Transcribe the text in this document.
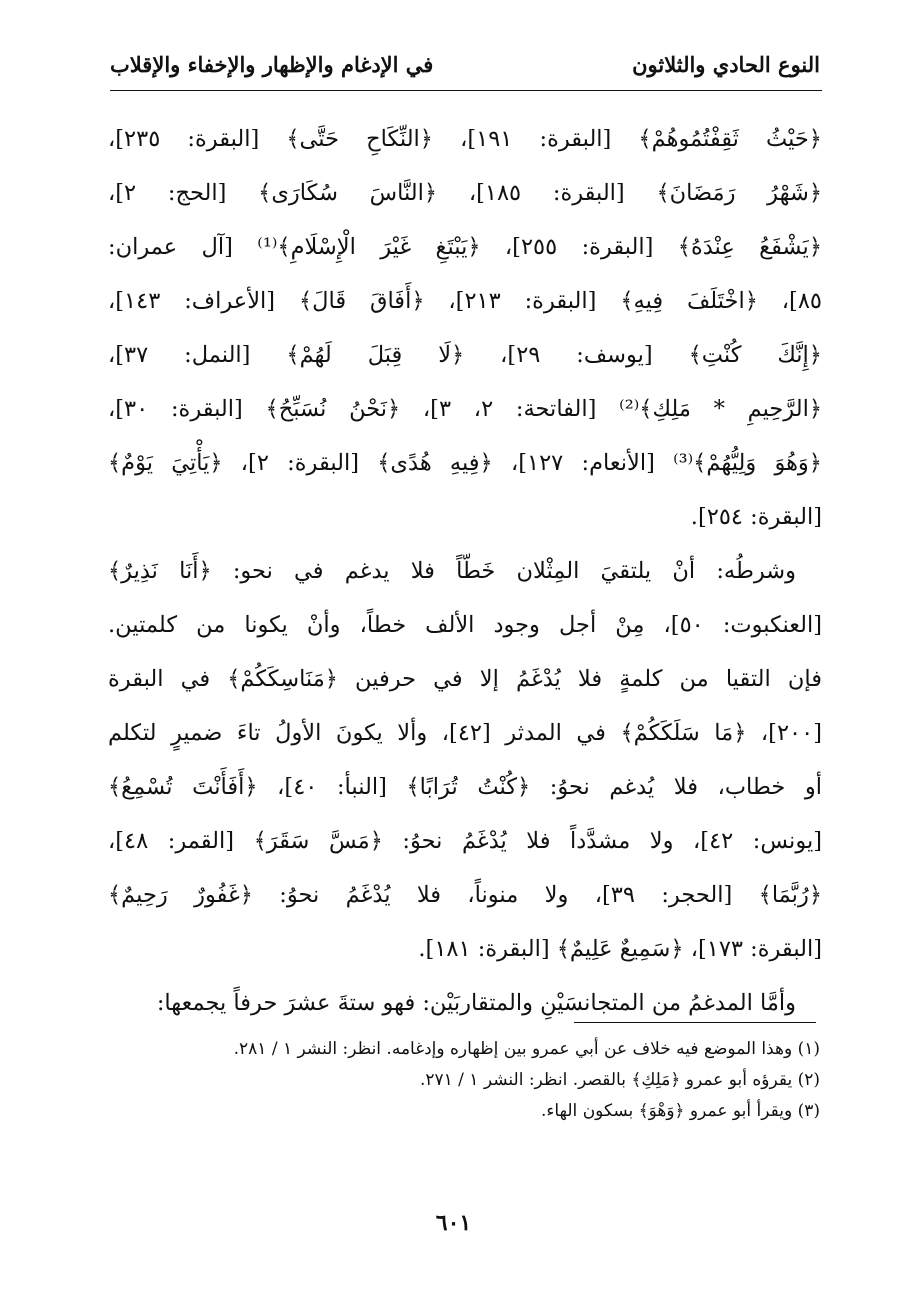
النوع الحادي والثلاثون
في الإدغام والإظهار والإخفاء والإقلاب
﴿حَيْثُ ثَقِفْتُمُوهُمْ﴾ [البقرة: ١٩١]، ﴿النِّكَاحِ حَتَّى﴾ [البقرة: ٢٣٥]،
﴿شَهْرُ رَمَضَانَ﴾ [البقرة: ١٨٥]، ﴿النَّاسَ سُكَارَى﴾ [الحج: ٢]،
﴿يَشْفَعُ عِنْدَهُ﴾ [البقرة: ٢٥٥]، ﴿يَبْتَغِ غَيْرَ الْإِسْلَامِ﴾⁽¹⁾ [آل عمران:
٨٥]، ﴿اخْتَلَفَ فِيهِ﴾ [البقرة: ٢١٣]، ﴿أَفَاقَ قَالَ﴾ [الأعراف: ١٤٣]،
﴿إِنَّكَ كُنْتِ﴾ [يوسف: ٢٩]، ﴿لَا قِبَلَ لَهُمْ﴾ [النمل: ٣٧]،
﴿الرَّحِيمِ * مَلِكِ﴾⁽²⁾ [الفاتحة: ٢، ٣]، ﴿نَحْنُ نُسَبِّحُ﴾ [البقرة: ٣٠]،
﴿وَهُوَ وَلِيُّهُمْ﴾⁽³⁾ [الأنعام: ١٢٧]، ﴿فِيهِ هُدًى﴾ [البقرة: ٢]، ﴿يَأْتِيَ يَوْمٌ﴾
[البقرة: ٢٥٤].
وشرطُه: أنْ يلتقيَ المِثْلان خَطّاً فلا يدغم في نحو: ﴿أَنَا نَذِيرٌ﴾
[العنكبوت: ٥٠]، مِنْ أجل وجود الألف خطاً، وأنْ يكونا من كلمتين.
فإن التقيا من كلمةٍ فلا يُدْغَمُ إلا في حرفين ﴿مَنَاسِكَكُمْ﴾ في البقرة
[٢٠٠]، ﴿مَا سَلَكَكُمْ﴾ في المدثر [٤٢]، وألا يكونَ الأولُ تاءَ ضميرٍ لتكلم
أو خطاب، فلا يُدغم نحوُ: ﴿كُنْتُ تُرَابًا﴾ [النبأ: ٤٠]، ﴿أَفَأَنْتَ تُسْمِعُ﴾
[يونس: ٤٢]، ولا مشدَّداً فلا يُدْغَمُ نحوُ: ﴿مَسَّ سَقَرَ﴾ [القمر: ٤٨]،
﴿رُبَّمَا﴾ [الحجر: ٣٩]، ولا منوناً، فلا يُدْغَمُ نحوُ: ﴿غَفُورٌ رَحِيمٌ﴾
[البقرة: ١٧٣]، ﴿سَمِيعٌ عَلِيمٌ﴾ [البقرة: ١٨١].
وأمَّا المدغمُ من المتجانسَيْنِ والمتقاربَيْن: فهو ستةَ عشرَ حرفاً يجمعها:
(١) وهذا الموضع فيه خلاف عن أبي عمرو بين إظهاره وإدغامه. انظر: النشر ١ / ٢٨١.
(٢) يقرؤه أبو عمرو ﴿مَلِكِ﴾ بالقصر. انظر: النشر ١ / ٢٧١.
(٣) ويقرأ أبو عمرو ﴿وَهْوَ﴾ بسكون الهاء.
٦٠١
